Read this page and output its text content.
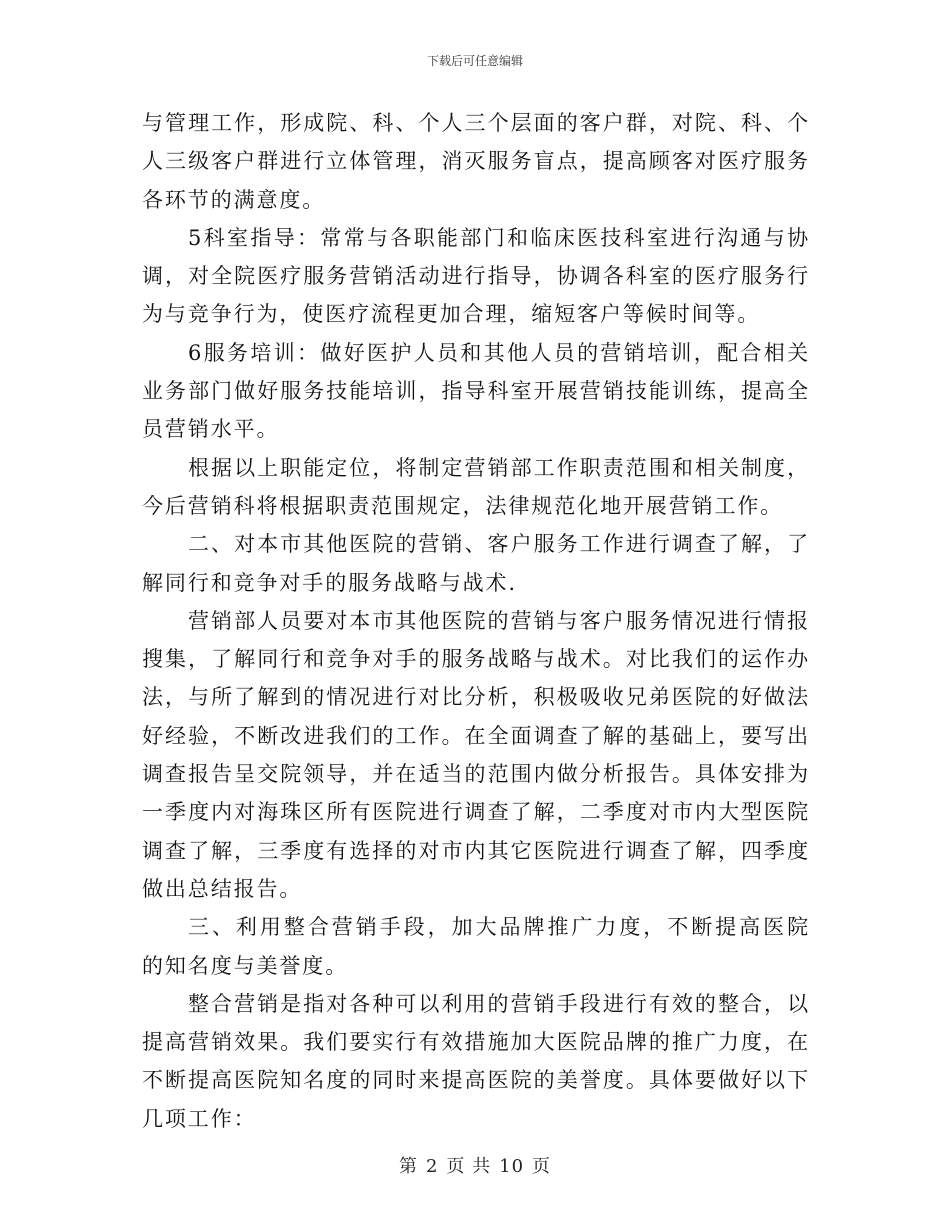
下载后可任意编辑

与管理工作，形成院、科、个人三个层面的客户群，对院、科、个人三级客户群进行立体管理，消灭服务盲点，提高顾客对医疗服务各环节的满意度。

5科室指导：常常与各职能部门和临床医技科室进行沟通与协调，对全院医疗服务营销活动进行指导，协调各科室的医疗服务行为与竞争行为，使医疗流程更加合理，缩短客户等候时间等。

6服务培训：做好医护人员和其他人员的营销培训，配合相关业务部门做好服务技能培训，指导科室开展营销技能训练，提高全员营销水平。

根据以上职能定位，将制定营销部工作职责范围和相关制度，今后营销科将根据职责范围规定，法律规范化地开展营销工作。

二、对本市其他医院的营销、客户服务工作进行调查了解，了解同行和竞争对手的服务战略与战术.

营销部人员要对本市其他医院的营销与客户服务情况进行情报搜集，了解同行和竞争对手的服务战略与战术。对比我们的运作办法，与所了解到的情况进行对比分析，积极吸收兄弟医院的好做法好经验，不断改进我们的工作。在全面调查了解的基础上，要写出调查报告呈交院领导，并在适当的范围内做分析报告。具体安排为一季度内对海珠区所有医院进行调查了解，二季度对市内大型医院调查了解，三季度有选择的对市内其它医院进行调查了解，四季度做出总结报告。

三、利用整合营销手段，加大品牌推广力度，不断提高医院 的知名度与美誉度。

整合营销是指对各种可以利用的营销手段进行有效的整合，以提高营销效果。我们要实行有效措施加大医院品牌的推广力度，在不断提高医院知名度的同时来提高医院的美誉度。具体要做好以下几项工作：

第 2 页 共 10 页
